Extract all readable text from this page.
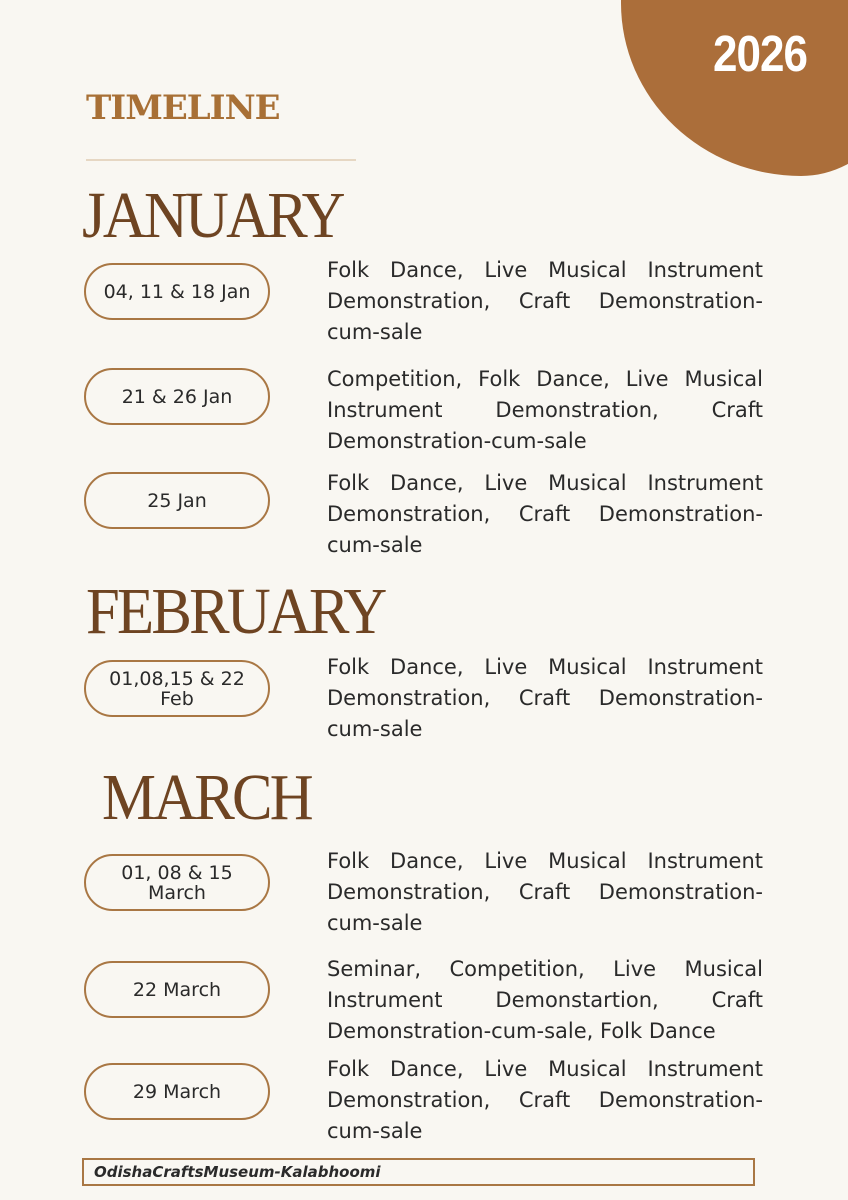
2026
TIMELINE
JANUARY
04, 11 & 18 Jan
Folk Dance, Live Musical Instrument Demonstration, Craft Demonstration-cum-sale
21 & 26 Jan
Competition, Folk Dance, Live Musical Instrument Demonstration, Craft Demonstration-cum-sale
25 Jan
Folk Dance, Live Musical Instrument Demonstration, Craft Demonstration-cum-sale
FEBRUARY
01,08,15 & 22 Feb
Folk Dance, Live Musical Instrument Demonstration, Craft Demonstration-cum-sale
MARCH
01, 08 & 15 March
Folk Dance, Live Musical Instrument Demonstration, Craft Demonstration-cum-sale
22 March
Seminar, Competition, Live Musical Instrument Demonstartion, Craft Demonstration-cum-sale, Folk Dance
29 March
Folk Dance, Live Musical Instrument Demonstration, Craft Demonstration-cum-sale
OdishaCraftsMuseum-Kalabhoomi
